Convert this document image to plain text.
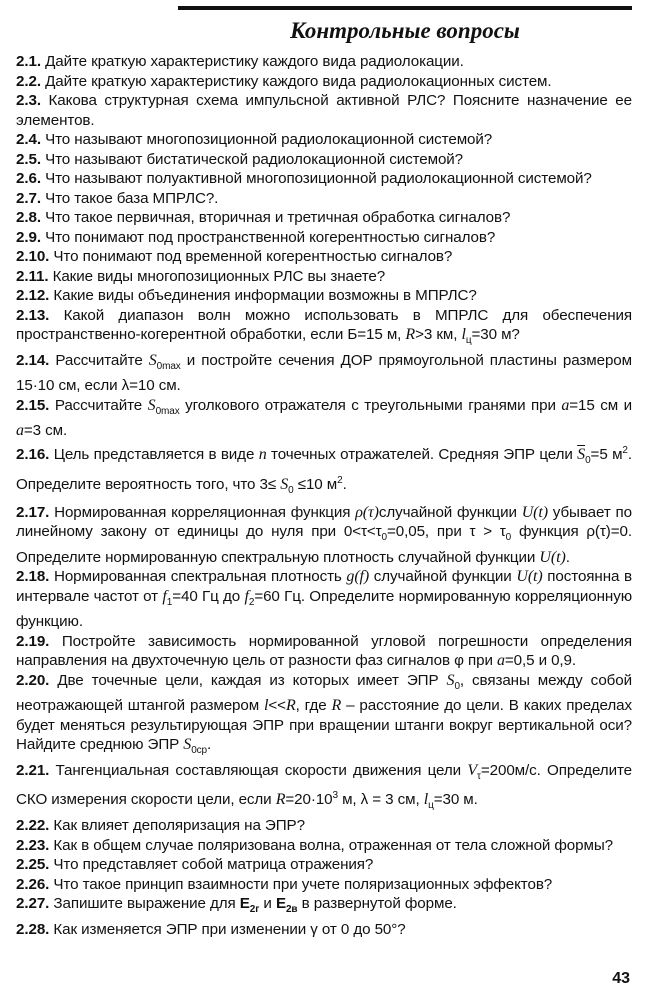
Контрольные вопросы

2.1. Дайте краткую характеристику каждого вида радиолокации.

2.2. Дайте краткую характеристику каждого вида радиолокационных систем.

2.3. Какова структурная схема импульсной активной РЛС? Поясните назначение ее элементов.

2.4. Что называют многопозиционной радиолокационной системой?

2.5. Что называют бистатической радиолокационной системой?

2.6. Что называют полуактивной многопозиционной радиолокационной системой?

2.7. Что такое база МПРЛС?.

2.8. Что такое первичная, вторичная и третичная обработка сигналов?

2.9. Что понимают под пространственной когерентностью сигналов?

2.10. Что понимают под временной когерентностью сигналов?

2.11. Какие виды многопозиционных РЛС вы знаете?

2.12. Какие виды объединения информации возможны в МПРЛС?

2.13. Какой диапазон волн можно использовать в МПРЛС для обеспечения пространственно-когерентной обработки, если Б=15 м, R>3 км, $l_ц=30$ м?

2.14. Рассчитайте $S_{0max}$ и постройте сечения ДОР прямоугольной пластины размером 15·10 см, если λ=10 см.

2.15. Рассчитайте $S_{0max}$ уголкового отражателя с треугольными гранями при a=15 см и a=3 см.

2.16. Цель представляется в виде n точечных отражателей. Средняя ЭПР цели $\overline{S}_0=5$ $м^2$. Определите вероятность того, что $3\le S_0 \le 10$ $м^2$.

2.17. Нормированная корреляционная функция ρ(τ)случайной функции U(t) убывает по линейному закону от единицы до нуля при $0<\tau<\tau_0=0,05$, при $\tau > \tau_0$ функция ρ(τ)=0. Определите нормированную спектральную плотность случайной функции U(t).

2.18. Нормированная спектральная плотность g(f) случайной функции U(t) постоянна в интервале частот от $f_1=40$ Гц до $f_2=60$ Гц. Определите нормированную корреляционную функцию.

2.19. Постройте зависимость нормированной угловой погрешности определения направления на двухточечную цель от разности фаз сигналов φ при a=0,5 и 0,9.

2.20. Две точечные цели, каждая из которых имеет ЭПР $S_0$, связаны между собой неотражающей штангой размером l<<R, где R – расстояние до цели. В каких пределах будет меняться результирующая ЭПР при вращении штанги вокруг вертикальной оси? Найдите среднюю ЭПР $S_{0ср}$.

2.21. Тангенциальная составляющая скорости движения цели $V_\tau=200м/с$. Определите СКО измерения скорости цели, если $R=20\cdot 10^3$ м, λ = 3 см, $l_ц=30$ м.

2.22. Как влияет деполяризация на ЭПР?

2.23. Как в общем случае поляризована волна, отраженная от тела сложной формы?

2.25. Что представляет собой матрица отражения?

2.26. Что такое принцип взаимности при учете поляризационных эффектов?

2.27. Запишите выражение для $E_{2г}$ и $E_{2в}$ в развернутой форме.

2.28. Как изменяется ЭПР при изменении γ от 0 до 50°?

43
